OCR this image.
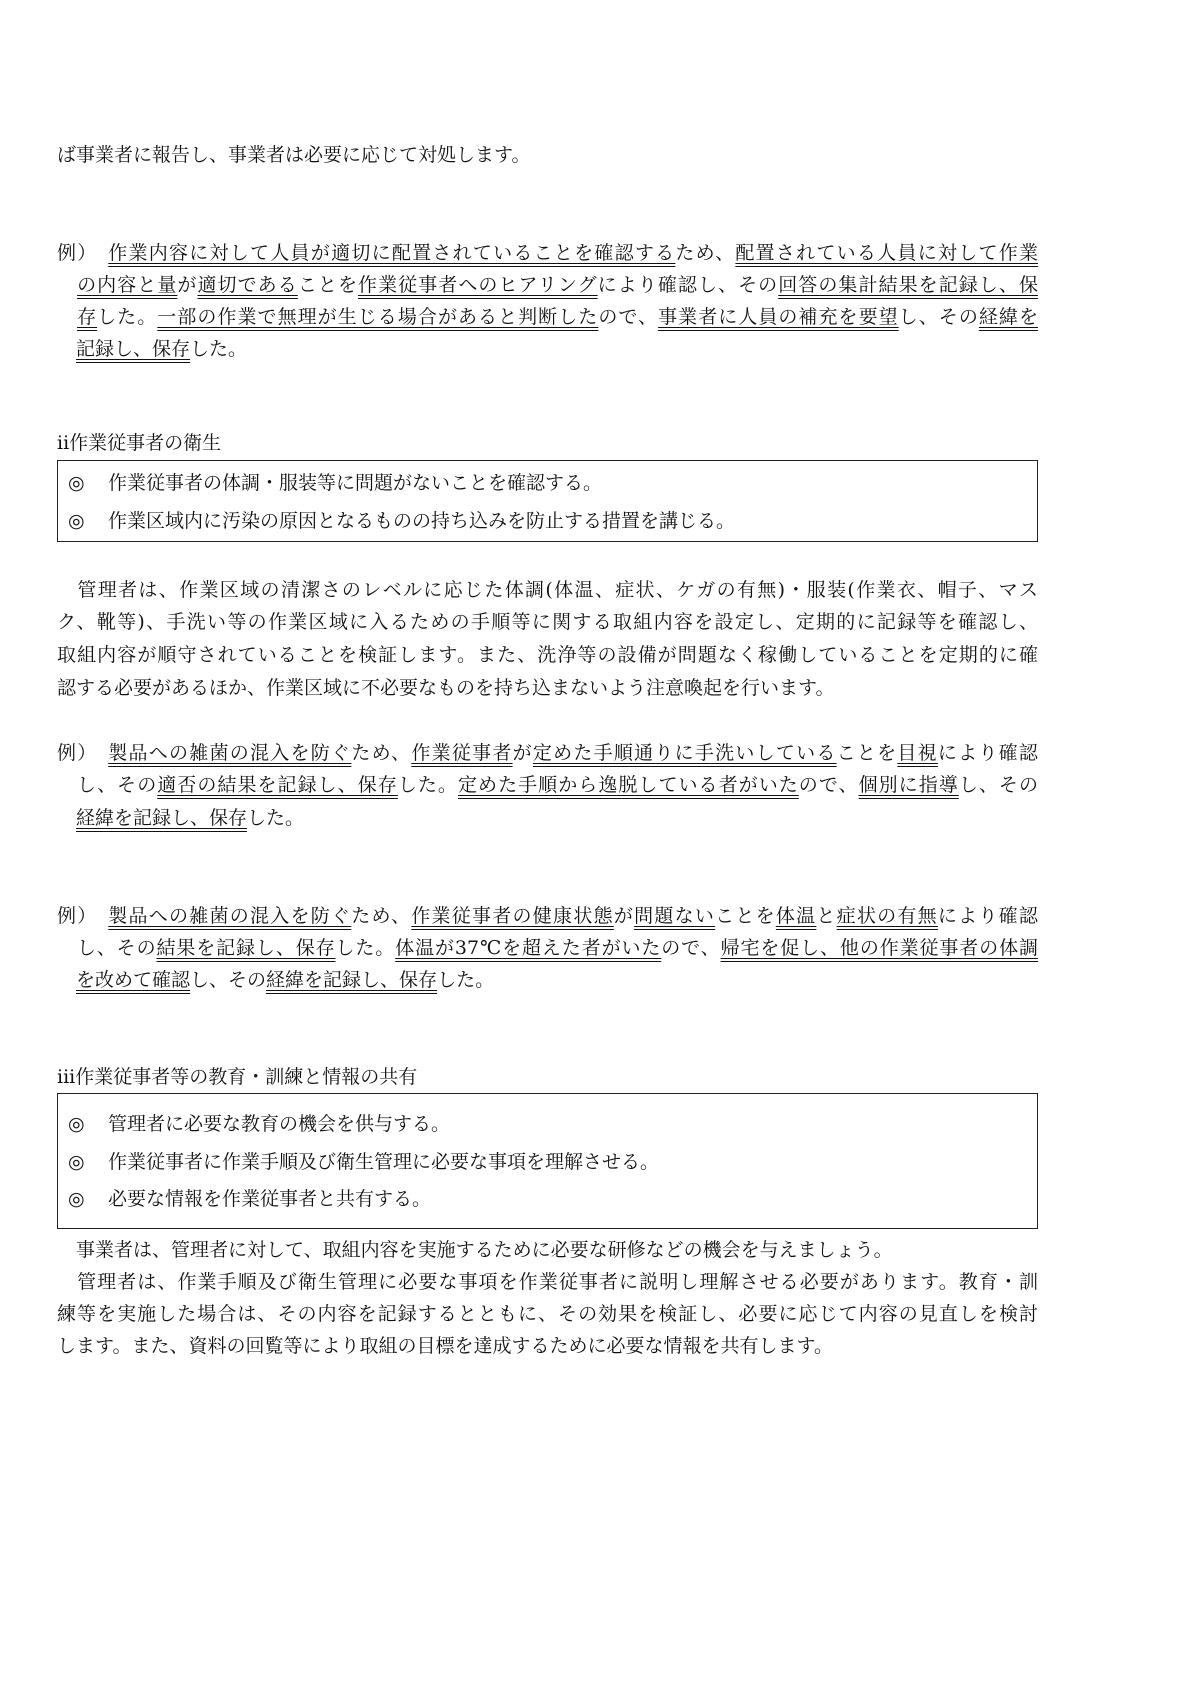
ば事業者に報告し、事業者は必要に応じて対処します。
例）　作業内容に対して人員が適切に配置されていることを確認するため、配置されている人員に対して作業
　の内容と量が適切であることを作業従事者へのヒアリングにより確認し、その回答の集計結果を記録し、保
　存した。一部の作業で無理が生じる場合があると判断したので、事業者に人員の補充を要望し、その経緯を
　記録し、保存した。
ii作業従事者の衛生
◎ 作業従事者の体調・服装等に問題がないことを確認する。
◎ 作業区域内に汚染の原因となるものの持ち込みを防止する措置を講じる。
　管理者は、作業区域の清潔さのレベルに応じた体調(体温、症状、ケガの有無)・服装(作業衣、帽子、マス
ク、靴等)、手洗い等の作業区域に入るための手順等に関する取組内容を設定し、定期的に記録等を確認し、
取組内容が順守されていることを検証します。また、洗浄等の設備が問題なく稼働していることを定期的に確
認する必要があるほか、作業区域に不必要なものを持ち込まないよう注意喚起を行います。
例）　製品への雑菌の混入を防ぐため、作業従事者が定めた手順通りに手洗いしていることを目視により確認
　し、その適否の結果を記録し、保存した。定めた手順から逸脱している者がいたので、個別に指導し、その
　経緯を記録し、保存した。
例）　製品への雑菌の混入を防ぐため、作業従事者の健康状態が問題ないことを体温と症状の有無により確認
　し、その結果を記録し、保存した。体温が37℃を超えた者がいたので、帰宅を促し、他の作業従事者の体調
　を改めて確認し、その経緯を記録し、保存した。
iii作業従事者等の教育・訓練と情報の共有
◎ 管理者に必要な教育の機会を供与する。
◎ 作業従事者に作業手順及び衛生管理に必要な事項を理解させる。
◎ 必要な情報を作業従事者と共有する。
　事業者は、管理者に対して、取組内容を実施するために必要な研修などの機会を与えましょう。
　管理者は、作業手順及び衛生管理に必要な事項を作業従事者に説明し理解させる必要があります。教育・訓
練等を実施した場合は、その内容を記録するとともに、その効果を検証し、必要に応じて内容の見直しを検討
します。また、資料の回覧等により取組の目標を達成するために必要な情報を共有します。
